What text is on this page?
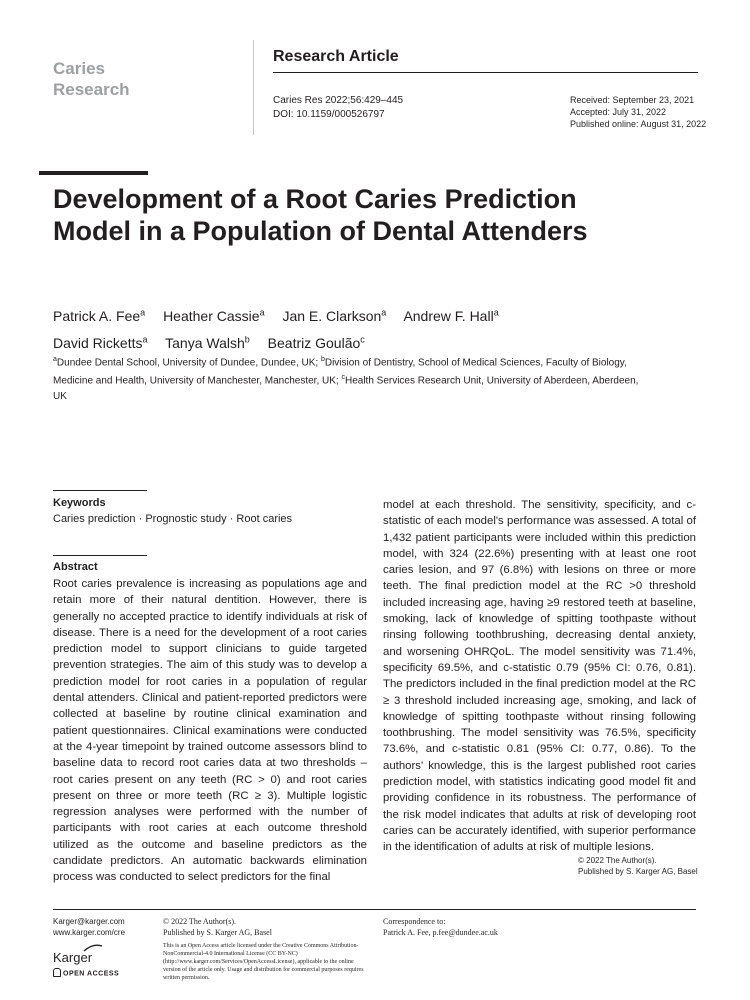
Caries
Research
Research Article
Caries Res 2022;56:429–445
DOI: 10.1159/000526797
Received: September 23, 2021
Accepted: July 31, 2022
Published online: August 31, 2022
Development of a Root Caries Prediction Model in a Population of Dental Attenders
Patrick A. Fee$^a$ Heather Cassie$^a$ Jan E. Clarkson$^a$ Andrew F. Hall$^a$
David Ricketts$^a$ Tanya Walsh$^b$ Beatriz Goulão$^c$
$^a$Dundee Dental School, University of Dundee, Dundee, UK; $^b$Division of Dentistry, School of Medical Sciences, Faculty of Biology, Medicine and Health, University of Manchester, Manchester, UK; $^c$Health Services Research Unit, University of Aberdeen, Aberdeen, UK
Keywords
Caries prediction · Prognostic study · Root caries
Abstract
Root caries prevalence is increasing as populations age and retain more of their natural dentition. However, there is generally no accepted practice to identify individuals at risk of disease. There is a need for the development of a root caries prediction model to support clinicians to guide targeted prevention strategies. The aim of this study was to develop a prediction model for root caries in a population of regular dental attenders. Clinical and patient-reported predictors were collected at baseline by routine clinical examination and patient questionnaires. Clinical examinations were conducted at the 4-year timepoint by trained outcome assessors blind to baseline data to record root caries data at two thresholds – root caries present on any teeth (RC > 0) and root caries present on three or more teeth (RC ≥ 3). Multiple logistic regression analyses were performed with the number of participants with root caries at each outcome threshold utilized as the outcome and baseline predictors as the candidate predictors. An automatic backwards elimination process was conducted to select predictors for the final
model at each threshold. The sensitivity, specificity, and c-statistic of each model's performance was assessed. A total of 1,432 patient participants were included within this prediction model, with 324 (22.6%) presenting with at least one root caries lesion, and 97 (6.8%) with lesions on three or more teeth. The final prediction model at the RC >0 threshold included increasing age, having ≥9 restored teeth at baseline, smoking, lack of knowledge of spitting toothpaste without rinsing following toothbrushing, decreasing dental anxiety, and worsening OHRQoL. The model sensitivity was 71.4%, specificity 69.5%, and c-statistic 0.79 (95% CI: 0.76, 0.81). The predictors included in the final prediction model at the RC ≥ 3 threshold included increasing age, smoking, and lack of knowledge of spitting toothpaste without rinsing following toothbrushing. The model sensitivity was 76.5%, specificity 73.6%, and c-statistic 0.81 (95% CI: 0.77, 0.86). To the authors' knowledge, this is the largest published root caries prediction model, with statistics indicating good model fit and providing confidence in its robustness. The performance of the risk model indicates that adults at risk of developing root caries can be accurately identified, with superior performance in the identification of adults at risk of multiple lesions.
© 2022 The Author(s).
Published by S. Karger AG, Basel
Karger@karger.com
www.karger.com/cre
© 2022 The Author(s).
Published by S. Karger AG, Basel
This is an Open Access article licensed under the Creative Commons Attribution-NonCommercial-4.0 International License (CC BY-NC) (http://www.karger.com/Services/OpenAccessLicense), applicable to the online version of the article only. Usage and distribution for commercial purposes requires written permission.
Correspondence to:
Patrick A. Fee, p.fee@dundee.ac.uk
Karger
OPEN ACCESS
